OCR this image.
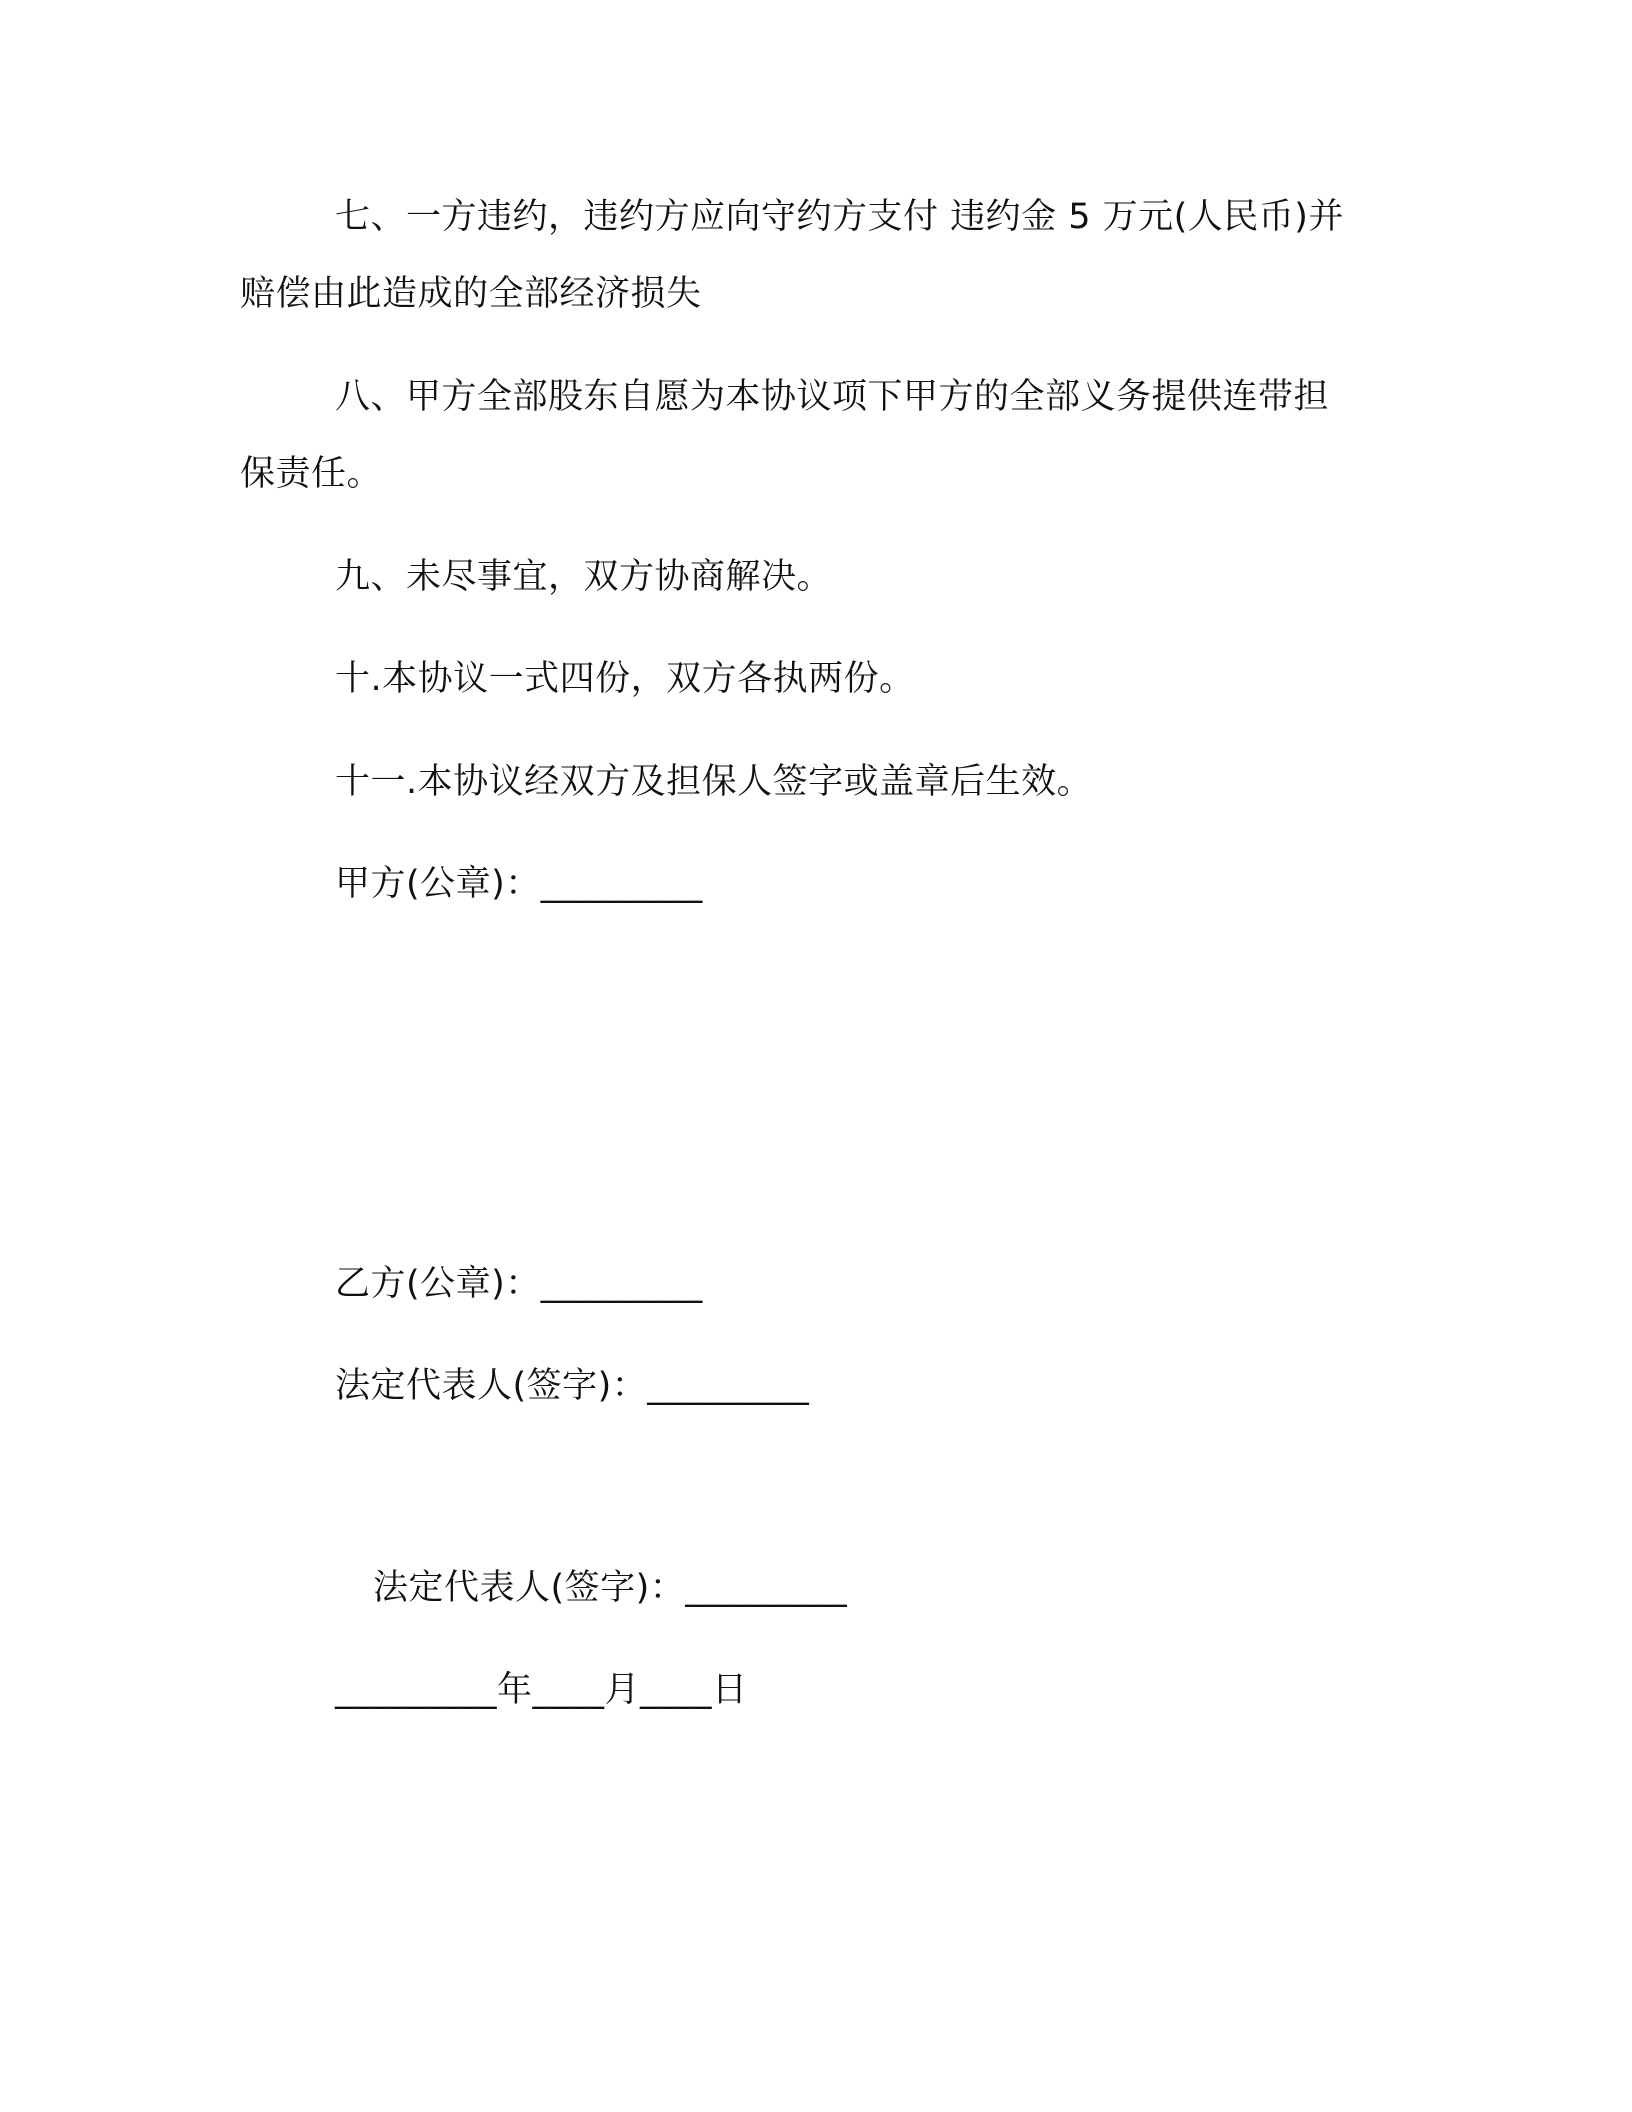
七、一方违约，违约方应向守约方支付 违约金 5 万元(人民币)并
赔偿由此造成的全部经济损失
八、甲方全部股东自愿为本协议项下甲方的全部义务提供连带担
保责任。
九、未尽事宜，双方协商解决。
十.本协议一式四份，双方各执两份。
十一.本协议经双方及担保人签字或盖章后生效。
甲方(公章)：_________
乙方(公章)：_________
法定代表人(签字)：_________
法定代表人(签字)：_________
_________年____月____日
